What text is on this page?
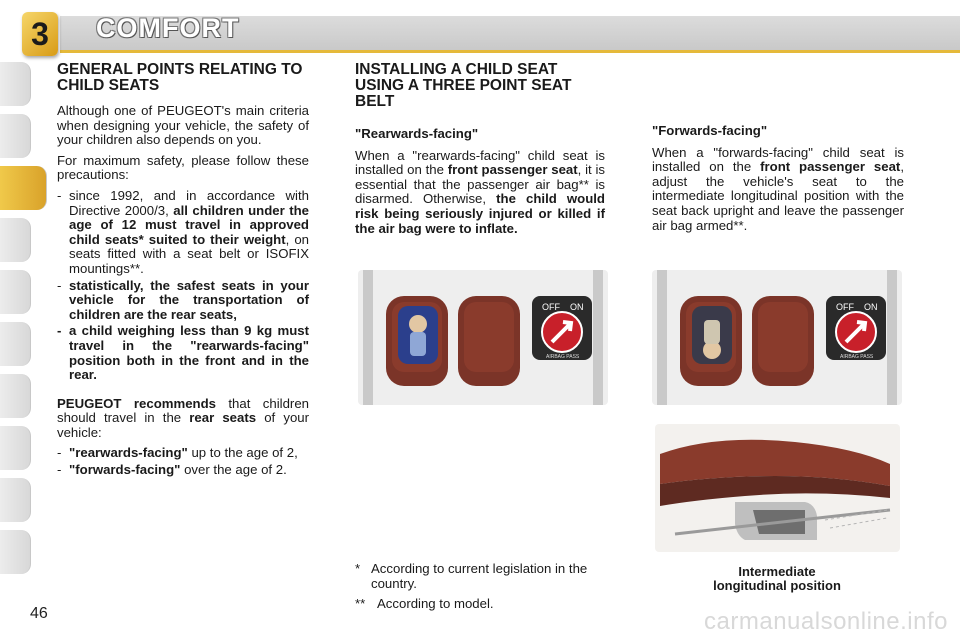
3	COMFORT
GENERAL POINTS RELATING TO CHILD SEATS

Although one of PEUGEOT's main criteria when designing your vehicle, the safety of your children also depends on you.

For maximum safety, please follow these precautions:

- since 1992, and in accordance with Directive 2000/3, all children under the age of 12 must travel in approved child seats* suited to their weight, on seats fitted with a seat belt or ISOFIX mountings**.
- statistically, the safest seats in your vehicle for the transportation of children are the rear seats,
- a child weighing less than 9 kg must travel in the "rearwards-facing" position both in the front and in the rear.

PEUGEOT recommends that children should travel in the rear seats of your vehicle:

- "rearwards-facing" up to the age of 2,
- "forwards-facing" over the age of 2.
INSTALLING A CHILD SEAT USING A THREE POINT SEAT BELT
"Rearwards-facing"

When a "rearwards-facing" child seat is installed on the front passenger seat, it is essential that the passenger air bag** is disarmed. Otherwise, the child would risk being seriously injured or killed if the air bag were to inflate.

"Forwards-facing"

When a "forwards-facing" child seat is installed on the front passenger seat, adjust the vehicle's seat to the intermediate longitudinal position with the seat back upright and leave the passenger air bag armed**.

OFF ON
AIRBAG PASS
OFF ON
AIRBAG PASS
Intermediate
longitudinal position
* According to current legislation in the country.
** According to model.
46	carmanualsonline.info
